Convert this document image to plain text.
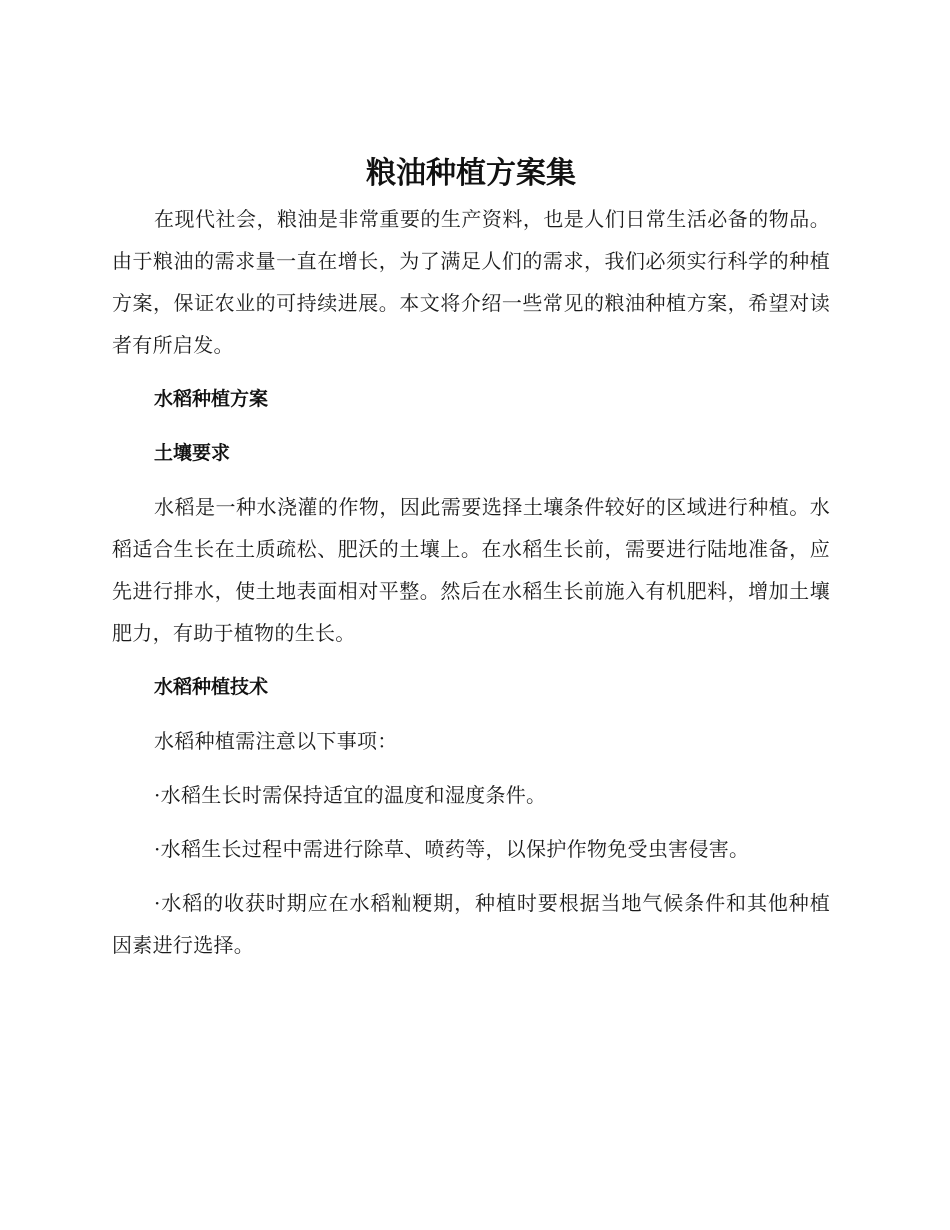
粮油种植方案集

在现代社会，粮油是非常重要的生产资料，也是人们日常生活必备的物品。由于粮油的需求量一直在增长，为了满足人们的需求，我们必须实行科学的种植方案，保证农业的可持续进展。本文将介绍一些常见的粮油种植方案，希望对读者有所启发。

水稻种植方案

土壤要求

水稻是一种水浇灌的作物，因此需要选择土壤条件较好的区域进行种植。水稻适合生长在土质疏松、肥沃的土壤上。在水稻生长前，需要进行陆地准备，应先进行排水，使土地表面相对平整。然后在水稻生长前施入有机肥料，增加土壤肥力，有助于植物的生长。

水稻种植技术

水稻种植需注意以下事项：

·水稻生长时需保持适宜的温度和湿度条件。

·水稻生长过程中需进行除草、喷药等，以保护作物免受虫害侵害。

·水稻的收获时期应在水稻籼粳期，种植时要根据当地气候条件和其他种植因素进行选择。
